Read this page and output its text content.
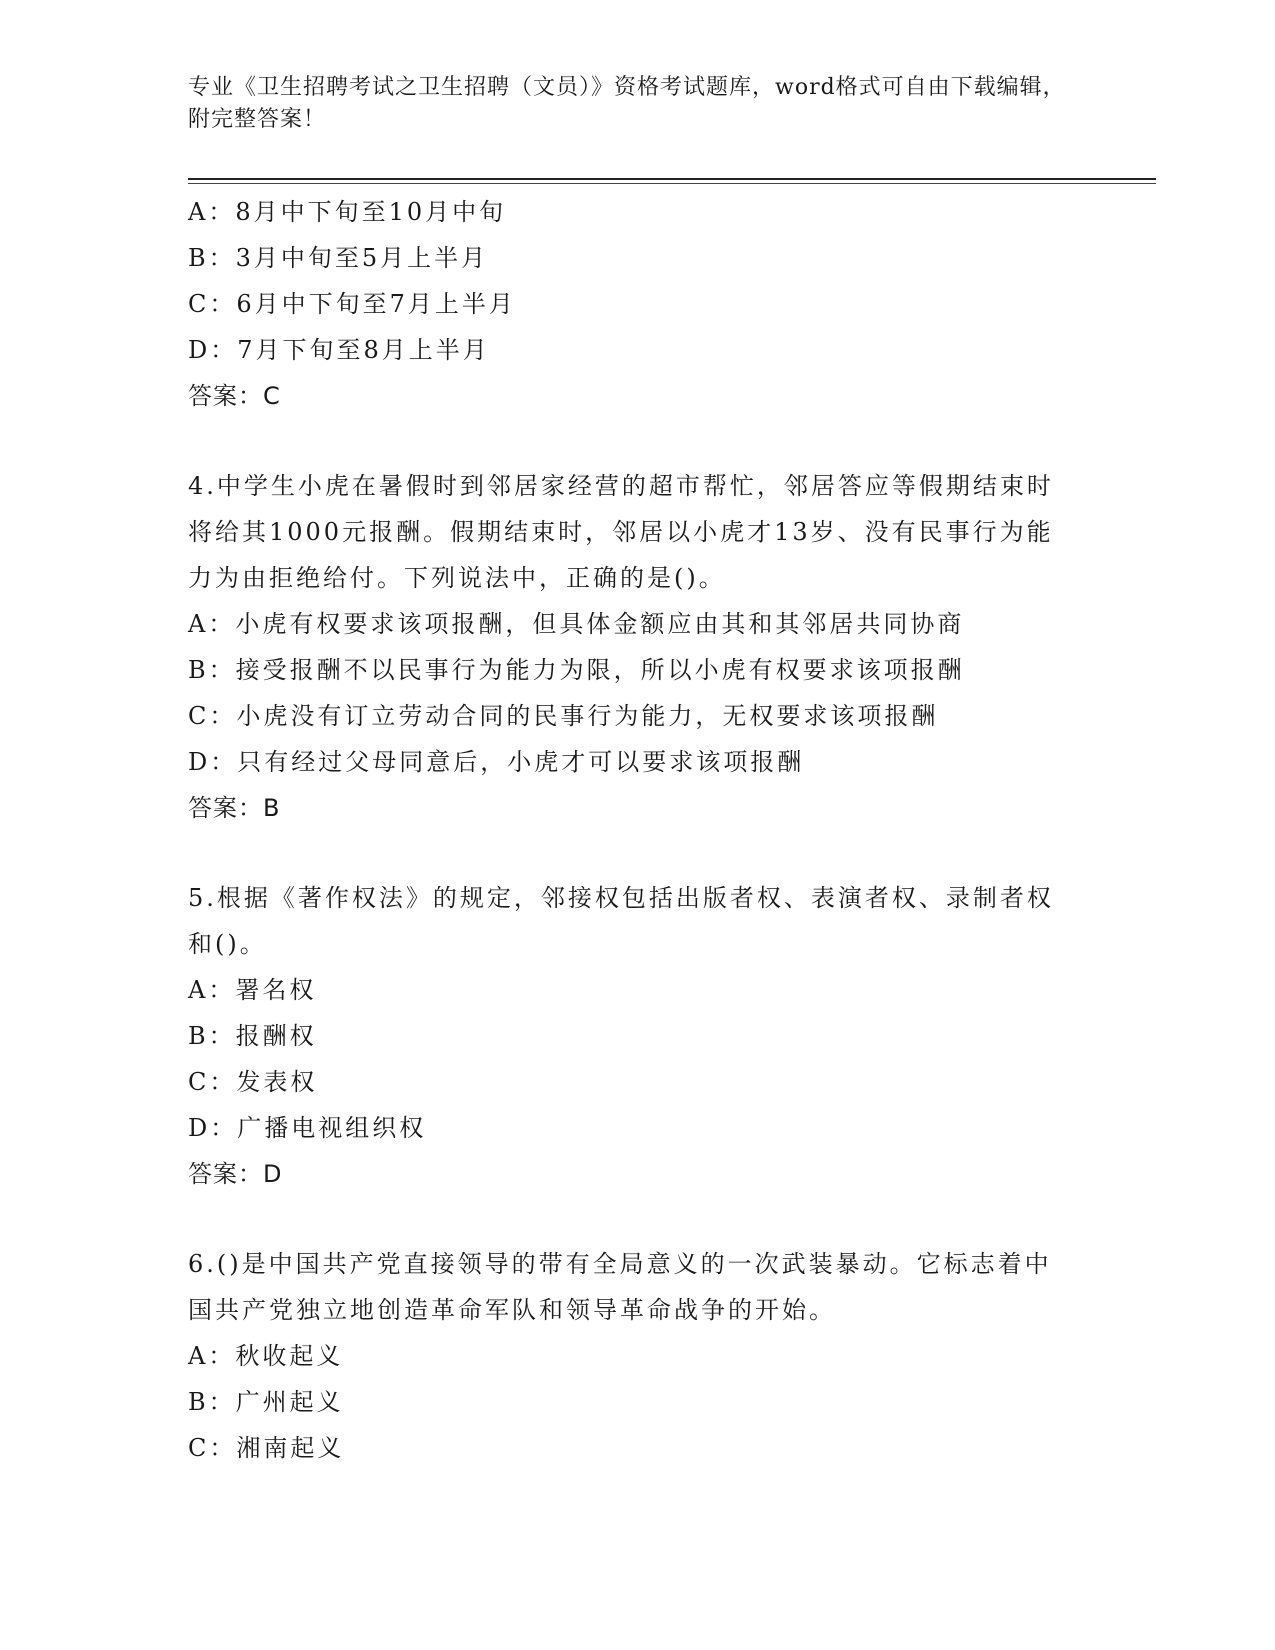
专业《卫生招聘考试之卫生招聘（文员）》资格考试题库，word格式可自由下载编辑，附完整答案！
A：8月中下旬至10月中旬
B：3月中旬至5月上半月
C：6月中下旬至7月上半月
D：7月下旬至8月上半月
答案：C
4.中学生小虎在暑假时到邻居家经营的超市帮忙，邻居答应等假期结束时将给其1000元报酬。假期结束时，邻居以小虎才13岁、没有民事行为能力为由拒绝给付。下列说法中，正确的是()。
A：小虎有权要求该项报酬，但具体金额应由其和其邻居共同协商
B：接受报酬不以民事行为能力为限，所以小虎有权要求该项报酬
C：小虎没有订立劳动合同的民事行为能力，无权要求该项报酬
D：只有经过父母同意后，小虎才可以要求该项报酬
答案：B
5.根据《著作权法》的规定，邻接权包括出版者权、表演者权、录制者权和()。
A：署名权
B：报酬权
C：发表权
D：广播电视组织权
答案：D
6.()是中国共产党直接领导的带有全局意义的一次武装暴动。它标志着中国共产党独立地创造革命军队和领导革命战争的开始。
A：秋收起义
B：广州起义
C：湘南起义
